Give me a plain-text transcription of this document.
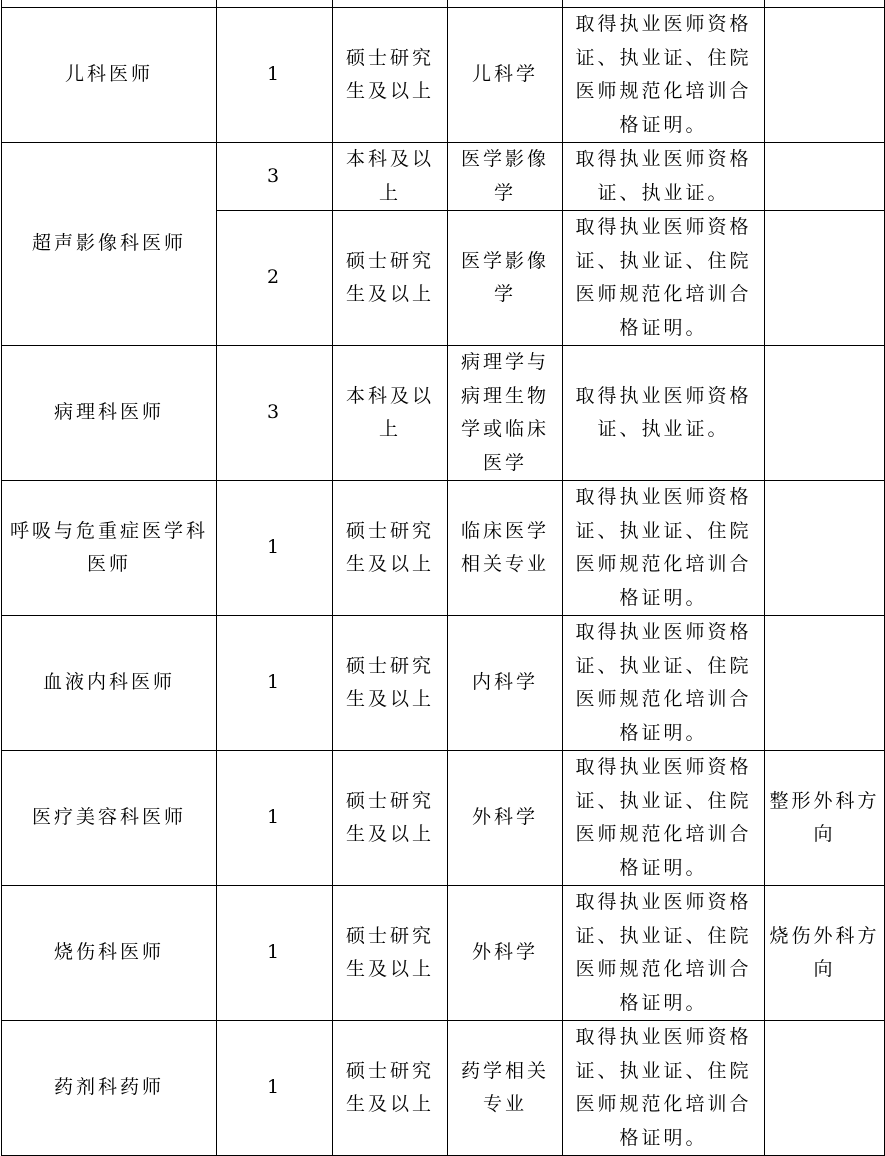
儿科医师	1	硕士研究生及以上	儿科学	取得执业医师资格证、执业证、住院医师规范化培训合格证明。	
超声影像科医师	3	本科及以上	医学影像学	取得执业医师资格证、执业证。	
	2	硕士研究生及以上	医学影像学	取得执业医师资格证、执业证、住院医师规范化培训合格证明。	
病理科医师	3	本科及以上	病理学与病理生物学或临床医学	取得执业医师资格证、执业证。	
呼吸与危重症医学科医师	1	硕士研究生及以上	临床医学相关专业	取得执业医师资格证、执业证、住院医师规范化培训合格证明。	
血液内科医师	1	硕士研究生及以上	内科学	取得执业医师资格证、执业证、住院医师规范化培训合格证明。	
医疗美容科医师	1	硕士研究生及以上	外科学	取得执业医师资格证、执业证、住院医师规范化培训合格证明。	整形外科方向
烧伤科医师	1	硕士研究生及以上	外科学	取得执业医师资格证、执业证、住院医师规范化培训合格证明。	烧伤外科方向
药剂科药师	1	硕士研究生及以上	药学相关专业	取得执业医师资格证、执业证、住院医师规范化培训合格证明。	
